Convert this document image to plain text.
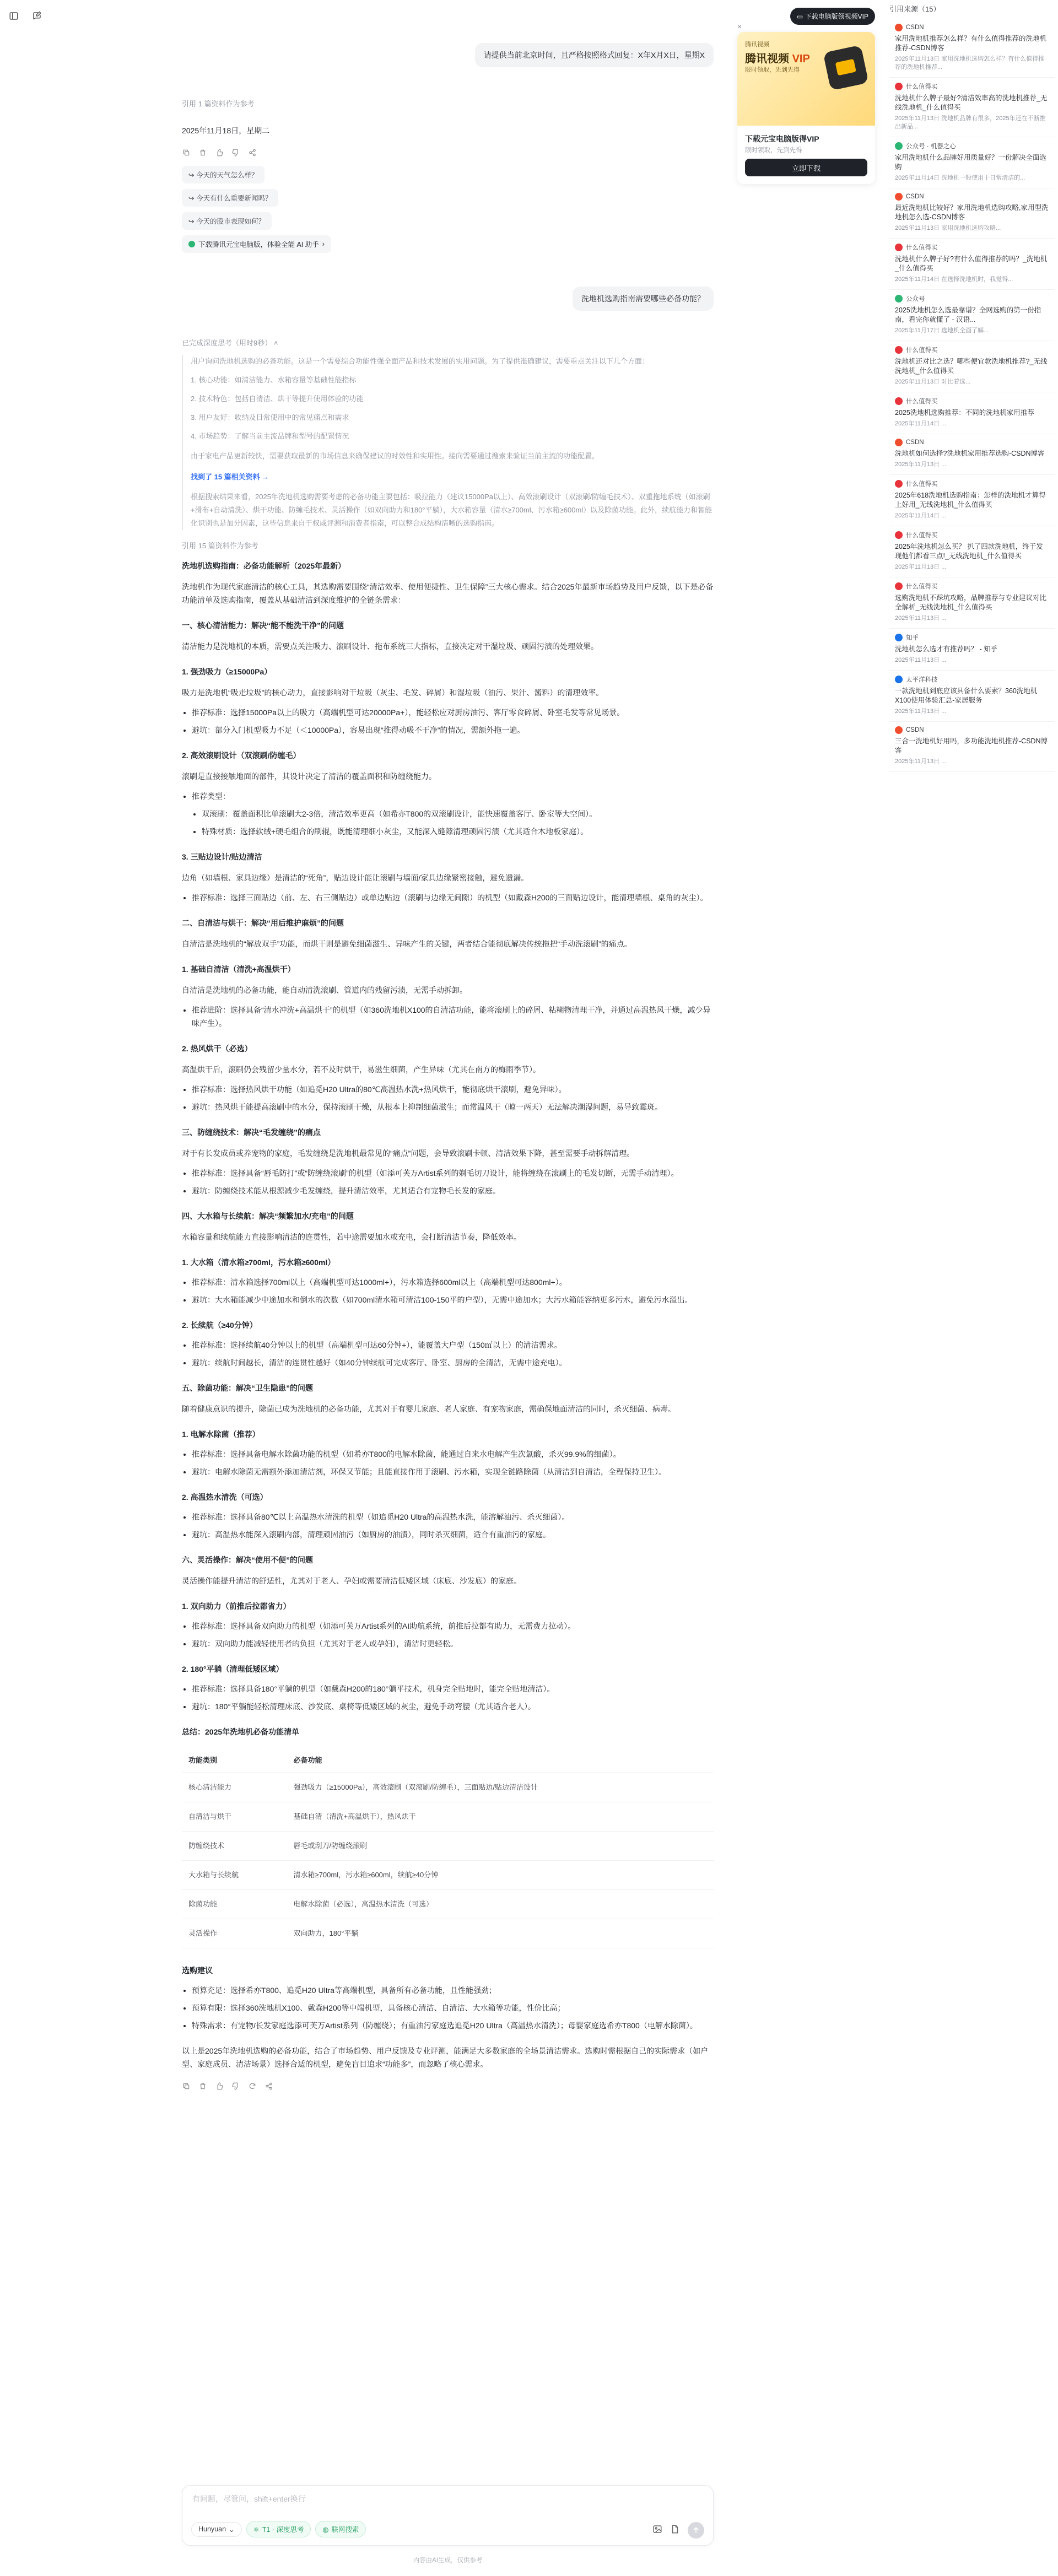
请提供当前北京时间，且严格按照格式回复：X年X月X日，星期X
引用 1 篇资料作为参考
2025年11月18日，星期二
↪ 今天的天气怎么样？
↪ 今天有什么重要新闻吗？
↪ 今天的股市表现如何？
下载腾讯元宝电脑版，体验全能 AI 助手 ›
洗地机选购指南需要哪些必备功能？
已完成深度思考（用时9秒） ˄
用户询问洗地机选购的必备功能。这是一个需要综合功能性强全面产品和技术发展的实用问题。为了提供准确建议，需要重点关注以下几个方面：
1. 核心功能：如清洁能力、水箱容量等基础性能指标
2. 技术特色：包括自清洁、烘干等提升使用体验的功能
3. 用户友好：收纳及日常使用中的常见痛点和需求
4. 市场趋势：了解当前主流品牌和型号的配置情况
由于家电产品更新较快，需要获取最新的市场信息来确保建议的时效性和实用性。接向需要通过搜索来验证当前主流的功能配置。
找到了 15 篇相关资料 →
根据搜索结果来看，2025年洗地机选购需要考虑的必备功能主要包括：吸拉能力（建议15000Pa以上）、高效滚刷设计（双滚刷/防缠毛技术）、双重拖地系统（如滚刷+滑布+自动清洗）、烘干功能、防缠毛技术、灵活操作（如双向助力和180°平躺），大水箱容量（清水≥700ml、污水箱≥600ml）以及除菌功能。此外，续航能力和智能化识别也是加分因素，这些信息来自于权威评测和消费者指南，可以整合成结构清晰的选购指南。
引用 15 篇资料作为参考
洗地机选购指南：必备功能解析（2025年最新）
洗地机作为现代家庭清洁的核心工具，其选购需要围绕“清洁效率、使用便捷性、卫生保障”三大核心需求。结合2025年最新市场趋势及用户反馈，以下是必备功能清单及选购指南，覆盖从基础清洁到深度维护的全链条需求：
一、核心清洁能力：解决“能不能洗干净”的问题
清洁能力是洗地机的本质，需要点关注吸力、滚刷设计、拖布系统三大指标，直接决定对干湿垃圾、顽固污渍的处理效果。
1. 强劲吸力（≥15000Pa）
吸力是洗地机“吸走垃圾”的核心动力，直接影响对干垃圾（灰尘、毛发、碎屑）和湿垃圾（油污、果汁、酱料）的清理效率。
• 推荐标准：选择15000Pa以上的吸力（高端机型可达20000Pa+），能轻松应对厨房油污、客厅零食碎屑、卧室毛发等常见场景。
• 避坑：部分入门机型吸力不足（＜10000Pa），容易出现“推得动吸不干净”的情况，需额外拖一遍。
2. 高效滚刷设计（双滚刷/防缠毛）
滚刷是直接接触地面的部件，其设计决定了清洁的覆盖面积和防缠绕能力。
• 推荐类型：
• 双滚刷：覆盖面积比单滚刷大2-3倍，清洁效率更高（如希亦T800的双滚刷设计，能快速覆盖客厅、卧室等大空间）。
• 特殊材质：选择软绒+硬毛组合的刷辊，既能清理细小灰尘，又能深入缝隙清理顽固污渍（尤其适合木地板家庭）。
3. 三贴边设计/贴边清洁
边角（如墙根、家具边缘）是清洁的“死角”，贴边设计能让滚刷与墙面/家具边缘紧密接触，避免遗漏。
• 推荐标准：选择三面贴边（前、左、右三侧贴边）或单边贴边（滚刷与边缘无间隙）的机型（如戴森H200的三面贴边设计，能清理墙根、桌角的灰尘）。
二、自清洁与烘干：解决“用后维护麻烦”的问题
自清洁是洗地机的“解放双手”功能，而烘干则是避免细菌滋生、异味产生的关键，两者结合能彻底解决传统拖把“手动洗滚刷”的痛点。
1. 基础自清洁（清洗+高温烘干）
自清洁是洗地机的必备功能，能自动清洗滚刷、管道内的残留污渍，无需手动拆卸。
• 推荐进阶：选择具备“清水冲洗+高温烘干”的机型（如360洗地机X100的自清洁功能，能将滚刷上的碎屑、粘糊物清理干净，并通过高温热风干燥，减少异味产生）。
2. 热风烘干（必选）
高温烘干后，滚刷仍会残留少量水分，若不及时烘干，易滋生细菌，产生异味（尤其在南方的梅雨季节）。
• 推荐标准：选择热风烘干功能（如追觅H20 Ultra的80℃高温热水洗+热风烘干，能彻底烘干滚刷，避免异味）。
• 避坑：热风烘干能提高滚刷中的水分，保持滚刷干燥，从根本上抑制细菌滋生；而常温风干（晾一两天）无法解决潮湿问题，易导致霉斑。
三、防缠绕技术：解决“毛发缠绕”的痛点
对于有长发成员或养宠物的家庭，毛发缠绕是洗地机最常见的“痛点”问题，会导致滚刷卡顿、清洁效果下降，甚至需要手动拆解清理。
• 推荐标准：选择具备“唇毛防打”或“防缠绕滚刷”的机型（如添可芙万Artist系列的剃毛切刀设计，能将缠绕在滚刷上的毛发切断，无需手动清理）。
• 避坑：防缠绕技术能从根源减少毛发缠绕，提升清洁效率，尤其适合有宠物毛长发的家庭。
四、大水箱与长续航：解决“频繁加水/充电”的问题
水箱容量和续航能力直接影响清洁的连贯性，若中途需要加水或充电，会打断清洁节奏，降低效率。
1. 大水箱（清水箱≥700ml，污水箱≥600ml）
• 推荐标准：清水箱选择700ml以上（高端机型可达1000ml+），污水箱选择600ml以上（高端机型可达800ml+）。
• 避坑：大水箱能减少中途加水和倒水的次数（如700ml清水箱可清洁100-150平的户型），无需中途加水；大污水箱能容纳更多污水，避免污水溢出。
2. 长续航（≥40分钟）
• 推荐标准：选择续航40分钟以上的机型（高端机型可达60分钟+），能覆盖大户型（150㎡以上）的清洁需求。
• 避坑：续航时间越长，清洁的连贯性越好（如40分钟续航可完成客厅、卧室、厨房的全清洁，无需中途充电）。
五、除菌功能：解决“卫生隐患”的问题
随着健康意识的提升，除菌已成为洗地机的必备功能，尤其对于有婴儿家庭、老人家庭、有宠物家庭，需确保地面清洁的同时，杀灭细菌、病毒。
1. 电解水除菌（推荐）
• 推荐标准：选择具备电解水除菌功能的机型（如希亦T800的电解水除菌，能通过自来水电解产生次氯酸，杀灭99.9%的细菌）。
• 避坑：电解水除菌无需额外添加清洁剂，环保又节能；且能直接作用于滚刷、污水箱，实现全链路除菌（从清洁到自清洁，全程保持卫生）。
2. 高温热水清洗（可选）
• 推荐标准：选择具备80℃以上高温热水清洗的机型（如追觅H20 Ultra的高温热水洗，能溶解油污、杀灭细菌）。
• 避坑：高温热水能深入滚刷内部，清理顽固油污（如厨房的油渍），同时杀灭细菌，适合有重油污的家庭。
六、灵活操作：解决“使用不便”的问题
灵活操作能提升清洁的舒适性，尤其对于老人、孕妇或需要清洁低矮区域（床底、沙发底）的家庭。
1. 双向助力（前推后拉都省力）
• 推荐标准：选择具备双向助力的机型（如添可芙万Artist系列的AI助航系统，前推后拉都有助力，无需费力拉动）。
• 避坑：双向助力能减轻使用者的负担（尤其对于老人或孕妇），清洁时更轻松。
2. 180°平躺（清理低矮区域）
• 推荐标准：选择具备180°平躺的机型（如戴森H200的180°躺平技术，机身完全贴地时，能完全贴地清洁）。
• 避坑：180°平躺能轻松清理床底、沙发底、桌椅等低矮区域的灰尘，避免手动弯腰（尤其适合老人）。
总结：2025年洗地机必备功能清单
功能类别	必备功能
核心清洁能力	强劲吸力（≥15000Pa），高效滚刷（双滚刷/防缠毛），三面贴边/贴边清洁设计
自清洁与烘干	基础自清（清洗+高温烘干），热风烘干
防缠绕技术	唇毛或刮刀/防缠绕滚刷
大水箱与长续航	清水箱≥700ml，污水箱≥600ml，续航≥40分钟
除菌功能	电解水除菌（必选），高温热水清洗（可选）
灵活操作	双向助力，180°平躺
选购建议
• 预算充足：选择希亦T800、追觅H20 Ultra等高端机型，具备所有必备功能，且性能强劲；
• 预算有限：选择360洗地机X100、戴森H200等中端机型，具备核心清洁、自清洁、大水箱等功能，性价比高；
• 特殊需求：有宠物/长发家庭选添可芙万Artist系列（防缠绕）；有重油污家庭选追觅H20 Ultra（高温热水清洗）；母婴家庭选希亦T800（电解水除菌）。
以上是2025年洗地机选购的必备功能，结合了市场趋势、用户反馈及专业评测，能满足大多数家庭的全场景清洁需求。选购时需根据自己的实际需求（如户型、家庭成员、清洁场景）选择合适的机型，避免盲目追求“功能多”，而忽略了核心需求。
有问题，尽管问，shift+enter换行
Hunyuan ⌄	⚛ T1 · 深度思考	◍ 联网搜索
内容由AI生成，仅供参考
▭ 下载电脑版领视频VIP
×
腾讯视频
腾讯视频 VIP
限时领取，先到先得
下载元宝电脑版得VIP
限时领取，先到先得
立即下载
引用来源（15）
CSDN
家用洗地机推荐怎么样？有什么值得推荐的洗地机推荐-CSDN博客
2025年11月13日 家用洗地机选购怎么样？有什么值得推荐的洗地机推荐...
什么值得买
洗地机什么牌子最好?清洁效率高的洗地机推荐_无线洗地机_什么值得买
2025年11月13日 洗地机品牌有很多，2025年还在不断推出新品...
公众号 · 机器之心
家用洗地机什么品牌好用质量好？一份解决全面选购
2025年11月14日 洗地机一般使用于日常清洁的...
CSDN
最近洗地机比较好？家用洗地机选购攻略,家用型洗地机怎么选-CSDN博客
2025年11月13日 家用洗地机选购攻略...
什么值得买
洗地机什么牌子好?有什么值得推荐的吗？_洗地机_什么值得买
2025年11月14日 在选择洗地机时，我觉得...
公众号
2025洗地机怎么选最靠谱？全网选购的第一份指南，看完你就懂了 - 汉语...
2025年11月17日 选地机全面了解...
什么值得买
洗地机还对比之选？哪些便宜款洗地机推荐?_无线洗地机_什么值得买
2025年11月13日 对比着选...
什么值得买
2025洗地机选购推荐：不同的洗地机家用推荐
2025年11月14日 ...
CSDN
洗地机如何选择?洗地机家用推荐选购-CSDN博客
2025年11月13日 ...
什么值得买
2025年618洗地机选购指南：怎样的洗地机才算得上好用_无线洗地机_什么值得买
2025年11月14日 ...
什么值得买
2025年洗地机怎么买？ 扒了四款洗地机，终于发现他们都看三点!_无线洗地机_什么值得买
2025年11月13日 ...
什么值得买
选购洗地机不踩坑攻略，品牌推荐与专业建议对比全解析_无线洗地机_什么值得买
2025年11月13日 ...
知乎
洗地机怎么选才有推荐吗？ - 知乎
2025年11月13日 ...
太平洋科技
一款洗地机到底应该具备什么要素？360洗地机X100使用体验汇总-家居服务
2025年11月13日 ...
CSDN
三合一洗地机好用吗，多功能洗地机推荐-CSDN博客
2025年11月13日 ...
